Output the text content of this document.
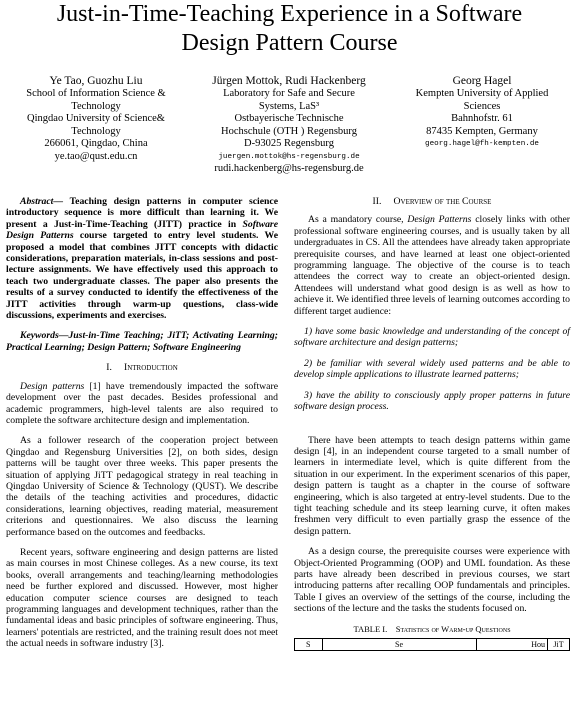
Just-in-Time-Teaching Experience in a Software
Design Pattern Course
Ye Tao, Guozhu Liu
School of Information Science &
Technology
Qingdao University of Science&
Technology
266061, Qingdao, China
ye.tao@qust.edu.cn
Jürgen Mottok, Rudi Hackenberg
Laboratory for Safe and Secure
Systems, LaS³
Ostbayerische Technische
Hochschule (OTH ) Regensburg
D-93025 Regensburg
juergen.mottok@hs-regensburg.de
rudi.hackenberg@hs-regensburg.de
Georg Hagel
Kempten University of Applied
Sciences
Bahnhofstr. 61
87435 Kempten, Germany
georg.hagel@fh-kempten.de

Abstract— Teaching design patterns in computer science introductory sequence is more difficult than learning it. We present a Just-in-Time-Teaching (JITT) practice in Software Design Patterns course targeted to entry level students. We proposed a model that combines JITT concepts with didactic considerations, preparation materials, in-class sessions and post-lecture assignments. We have effectively used this approach to teach two undergraduate classes. The paper also presents the results of a survey conducted to identify the effectiveness of the JITT activities through warm-up questions, class-wide discussions, experiments and exercises.

Keywords—Just-in-Time Teaching; JiTT; Activating Learning; Practical Learning; Design Pattern; Software Engineering

I. Introduction

Design patterns [1] have tremendously impacted the software development over the past decades. Besides professional and academic programmers, high-level talents are also required to complete the software architecture design and implementation.

As a follower research of the cooperation project between Qingdao and Regensburg Universities [2], on both sides, design patterns will be taught over three weeks. This paper presents the situation of applying JiTT pedagogical strategy in real teaching in Qingdao University of Science & Technology (QUST). We describe the details of the teaching activities and procedures, didactic considerations, learning objectives, reading material, measurement criterions and questionnaires. We also discuss the learning performance based on the outcomes and feedbacks.

Recent years, software engineering and design patterns are listed as main courses in most Chinese colleges. As a new course, its text books, overall arrangements and teaching/learning methodologies need be further explored and discussed. However, most higher education computer science courses are designed to teach programming languages and development techniques, rather than the fundamental ideas and basic principles of software engineering. Thus, learners' potentials are restricted, and the training result does not meet the actual needs in software industry [3].

II. Overview of the Course

As a mandatory course, Design Patterns closely links with other professional software engineering courses, and is usually taken by all undergraduates in CS. All the attendees have already taken appropriate prerequisite courses, and have learned at least one object-oriented programming language. The objective of the course is to teach attendees the correct way to create an object-oriented design. Attendees will understand what good design is as well as how to achieve it. We identified three levels of learning outcomes according to different target audience:

1) have some basic knowledge and understanding of the concept of software architecture and design patterns;

2) be familiar with several widely used patterns and be able to develop simple applications to illustrate learned patterns;

3) have the ability to consciously apply proper patterns in future software design process.

There have been attempts to teach design patterns within game design [4], in an independent course targeted to a small number of learners in intermediate level, which is quite different from the situation in our experiment. In the experiment scenarios of this paper, design pattern is taught as a chapter in the course of software engineering, which is also targeted at entry-level students. Due to the tight teaching schedule and its steep learning curve, it often makes freshmen very difficult to even partially grasp the essence of the design pattern.

As a design course, the prerequisite courses were experience with Object-Oriented Programming (OOP) and UML foundation. As these parts have already been described in previous courses, we start introducing patterns after recalling OOP fundamentals and principles. Table I gives an overview of the settings of the course, including the sections of the lecture and the tasks the students focused on.

TABLE I. Statistics of Warm-up Questions
S	Se	Hou	JiT
